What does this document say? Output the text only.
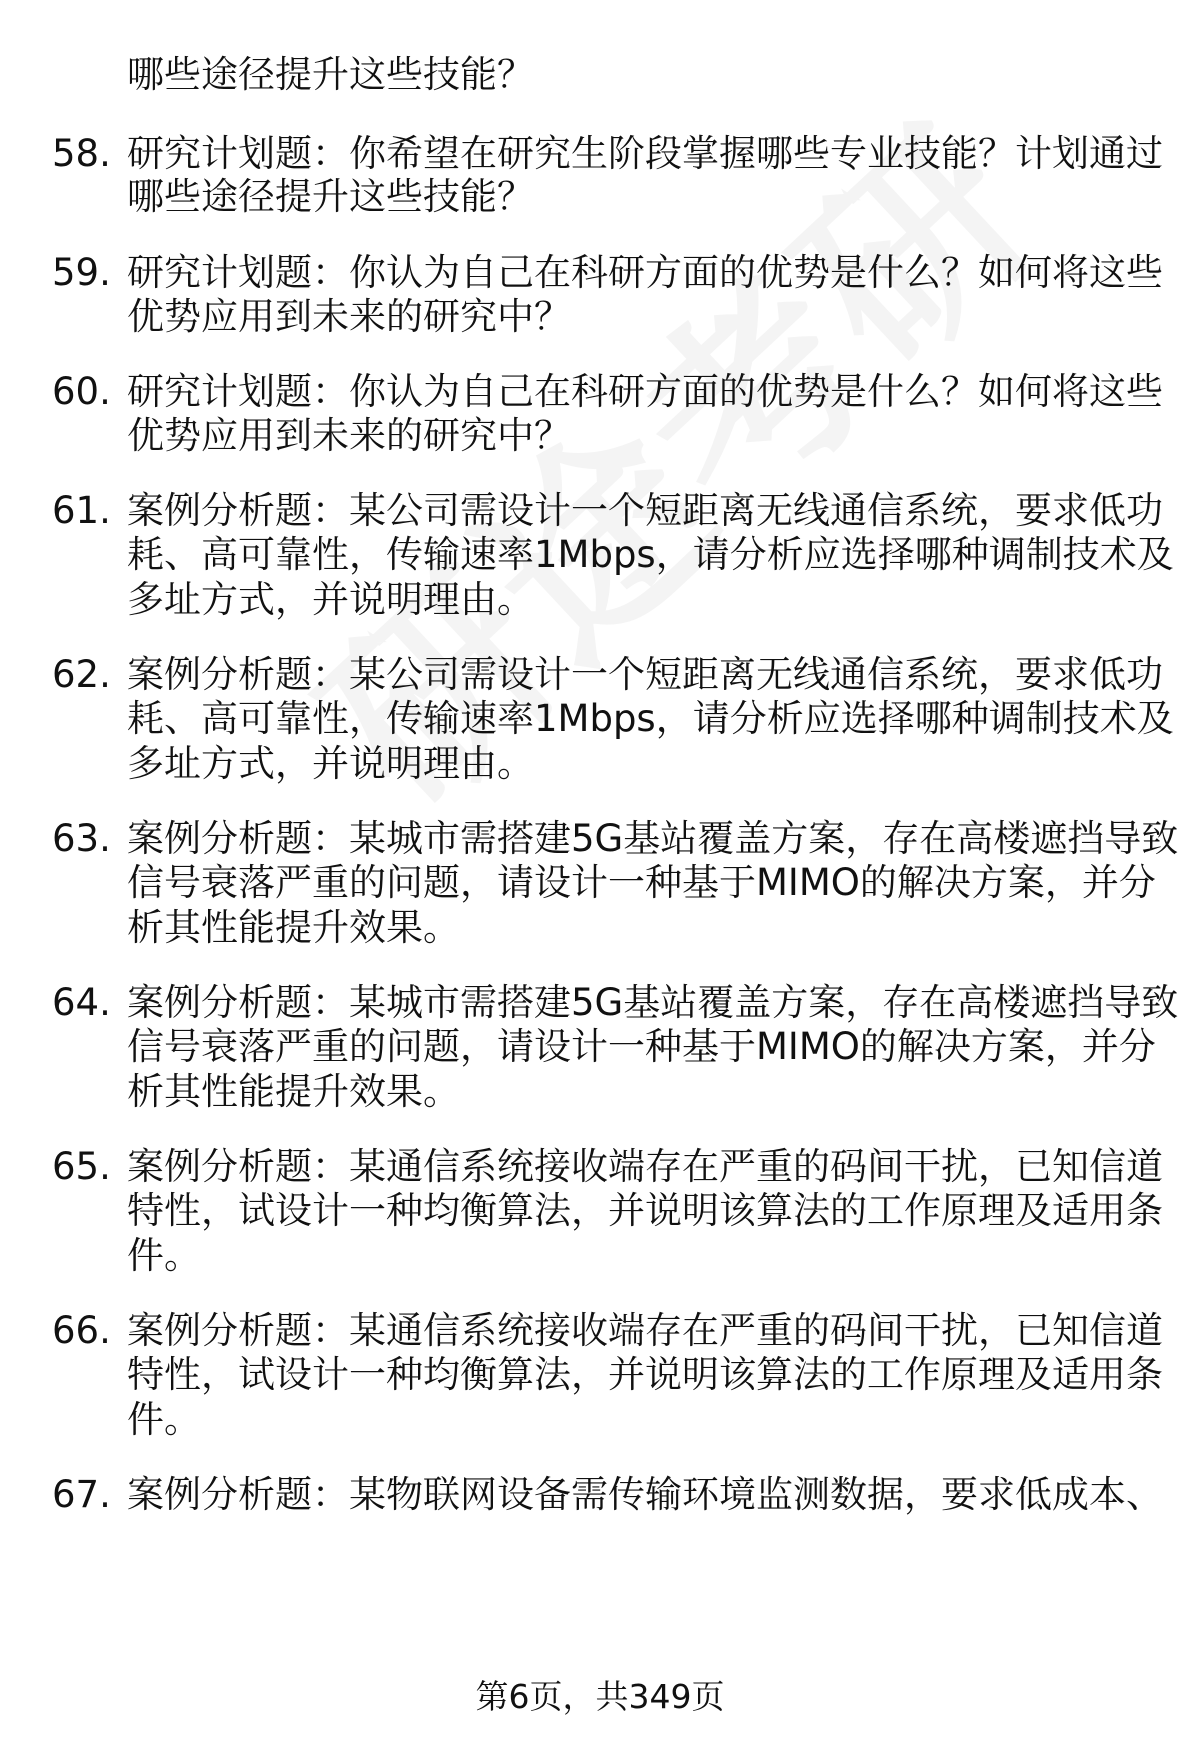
哪些途径提升这些技能？
58. 研究计划题：你希望在研究生阶段掌握哪些专业技能？计划通过
哪些途径提升这些技能？
59. 研究计划题：你认为自己在科研方面的优势是什么？如何将这些
优势应用到未来的研究中？
60. 研究计划题：你认为自己在科研方面的优势是什么？如何将这些
优势应用到未来的研究中？
61. 案例分析题：某公司需设计一个短距离无线通信系统，要求低功
耗、高可靠性，传输速率1Mbps，请分析应选择哪种调制技术及
多址方式，并说明理由。
62. 案例分析题：某公司需设计一个短距离无线通信系统，要求低功
耗、高可靠性，传输速率1Mbps，请分析应选择哪种调制技术及
多址方式，并说明理由。
63. 案例分析题：某城市需搭建5G基站覆盖方案，存在高楼遮挡导致
信号衰落严重的问题，请设计一种基于MIMO的解决方案，并分
析其性能提升效果。
64. 案例分析题：某城市需搭建5G基站覆盖方案，存在高楼遮挡导致
信号衰落严重的问题，请设计一种基于MIMO的解决方案，并分
析其性能提升效果。
65. 案例分析题：某通信系统接收端存在严重的码间干扰，已知信道
特性，试设计一种均衡算法，并说明该算法的工作原理及适用条
件。
66. 案例分析题：某通信系统接收端存在严重的码间干扰，已知信道
特性，试设计一种均衡算法，并说明该算法的工作原理及适用条
件。
67. 案例分析题：某物联网设备需传输环境监测数据，要求低成本、
第6页，共349页
